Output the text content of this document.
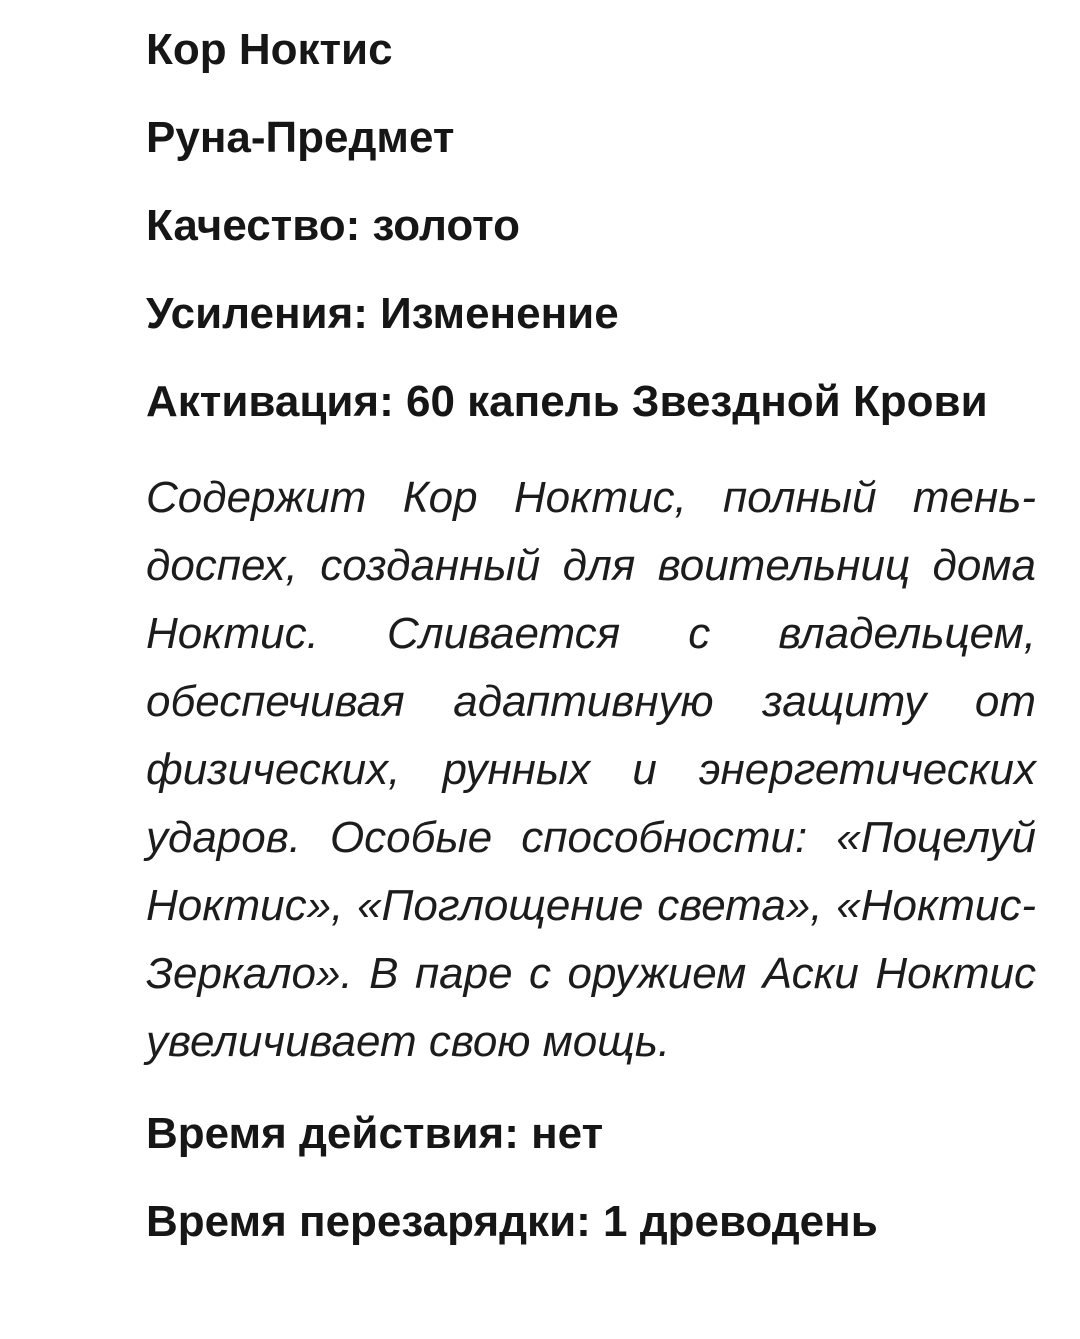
Кор Ноктис

Руна-Предмет

Качество: золото

Усиления: Изменение

Активация: 60 капель Звездной Крови

Содержит Кор Ноктис, полный тень-
доспех, созданный для воительниц дома
Ноктис. Сливается с владельцем,
обеспечивая адаптивную защиту от
физических, рунных и энергетических
ударов. Особые способности: «Поцелуй
Ноктис», «Поглощение света», «Ноктис-
Зеркало». В паре с оружием Аски Ноктис
увеличивает свою мощь.

Время действия: нет

Время перезарядки: 1 древодень
